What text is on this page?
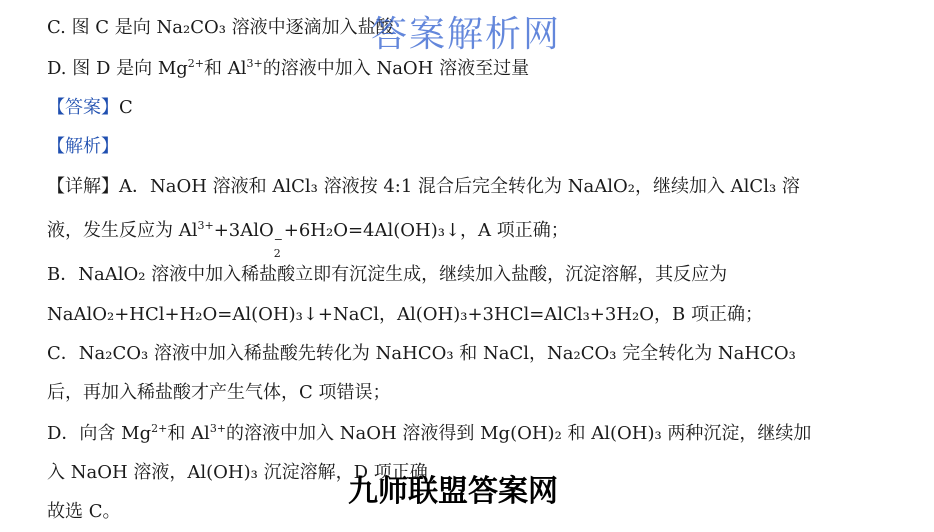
C. 图 C 是向 Na₂CO₃ 溶液中逐滴加入盐酸
D. 图 D 是向 $Mg^{2+}$和 $Al^{3+}$的溶液中加入 NaOH 溶液至过量
【答案】C
【解析】
【详解】A．NaOH 溶液和 AlCl₃ 溶液按 4:1 混合后完全转化为 NaAlO₂，继续加入 AlCl₃ 溶
液，发生反应为 $Al^{3+}+3AlO$ −
2
+6H₂O=4Al(OH)₃↓，A 项正确；
B．NaAlO₂ 溶液中加入稀盐酸立即有沉淀生成，继续加入盐酸，沉淀溶解，其反应为
NaAlO₂+HCl+H₂O=Al(OH)₃↓+NaCl，Al(OH)₃+3HCl=AlCl₃+3H₂O，B 项正确；
C．Na₂CO₃ 溶液中加入稀盐酸先转化为 NaHCO₃ 和 NaCl，Na₂CO₃ 完全转化为 NaHCO₃
后，再加入稀盐酸才产生气体，C 项错误；
D．向含 $Mg^{2+}$和 $Al^{3+}$的溶液中加入 NaOH 溶液得到 Mg(OH)₂ 和 Al(OH)₃ 两种沉淀，继续加
入 NaOH 溶液，Al(OH)₃ 沉淀溶解，D 项正确
故选 C。
答案解析网
九师联盟答案网
